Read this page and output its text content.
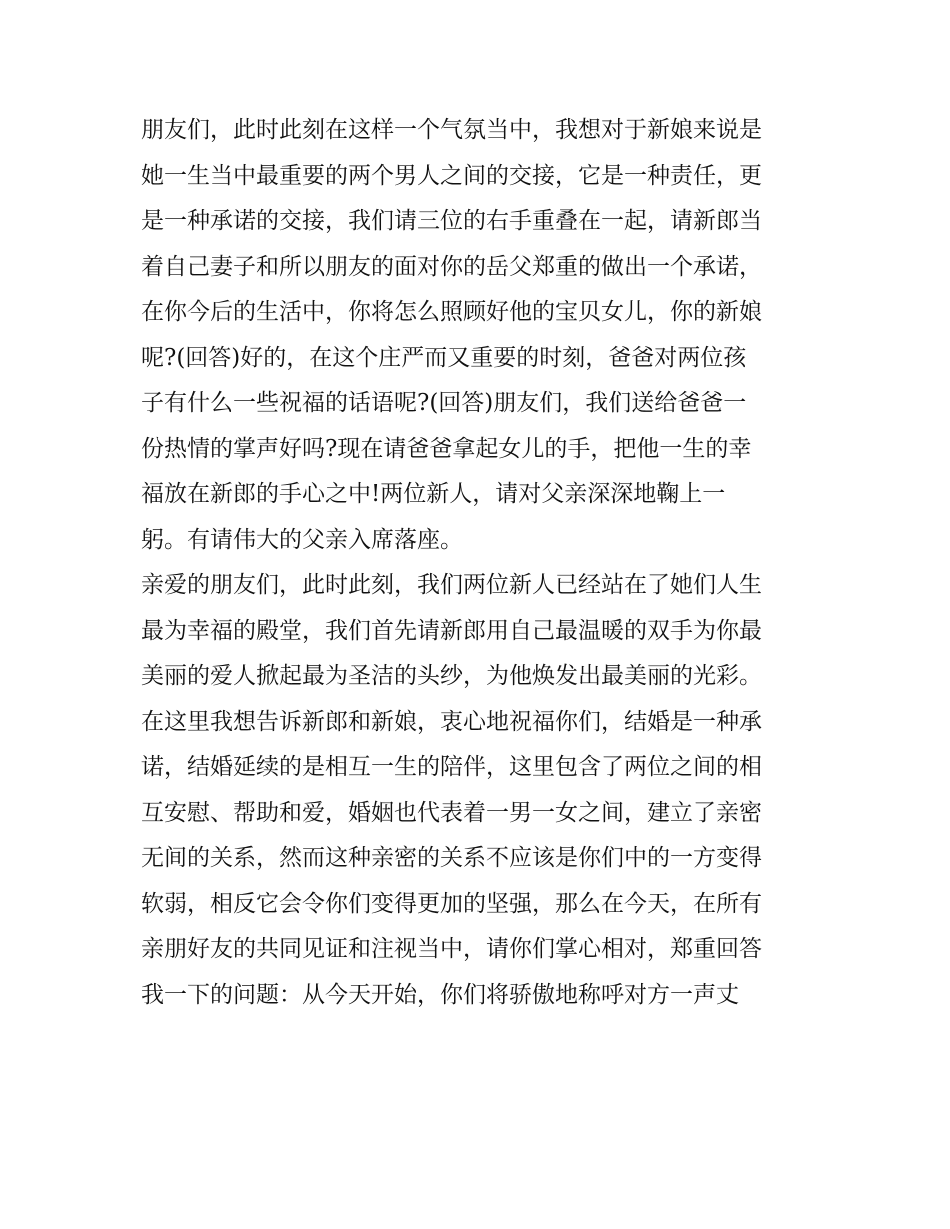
朋友们，此时此刻在这样一个气氛当中，我想对于新娘来说是
她一生当中最重要的两个男人之间的交接，它是一种责任，更
是一种承诺的交接，我们请三位的右手重叠在一起，请新郎当
着自己妻子和所以朋友的面对你的岳父郑重的做出一个承诺，
在你今后的生活中，你将怎么照顾好他的宝贝女儿，你的新娘
呢?(回答)好的，在这个庄严而又重要的时刻，爸爸对两位孩
子有什么一些祝福的话语呢?(回答)朋友们，我们送给爸爸一
份热情的掌声好吗?现在请爸爸拿起女儿的手，把他一生的幸
福放在新郎的手心之中!两位新人，请对父亲深深地鞠上一
躬。有请伟大的父亲入席落座。
亲爱的朋友们，此时此刻，我们两位新人已经站在了她们人生
最为幸福的殿堂，我们首先请新郎用自己最温暖的双手为你最
美丽的爱人掀起最为圣洁的头纱，为他焕发出最美丽的光彩。
在这里我想告诉新郎和新娘，衷心地祝福你们，结婚是一种承
诺，结婚延续的是相互一生的陪伴，这里包含了两位之间的相
互安慰、帮助和爱，婚姻也代表着一男一女之间，建立了亲密
无间的关系，然而这种亲密的关系不应该是你们中的一方变得
软弱，相反它会令你们变得更加的坚强，那么在今天，在所有
亲朋好友的共同见证和注视当中，请你们掌心相对，郑重回答
我一下的问题：从今天开始，你们将骄傲地称呼对方一声丈
